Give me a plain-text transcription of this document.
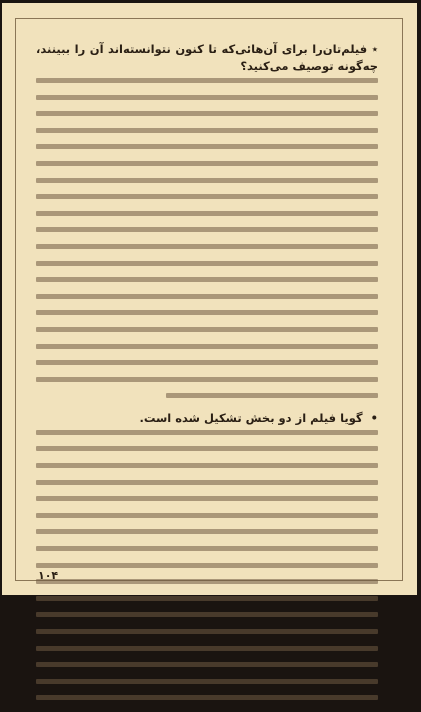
٭ فیلم‌تان‌را برای آن‌هائی‌که تا کنون نتوانسته‌اند آن را ببینند، چه‌گونه توصیف می‌کنید؟

• گویا فیلم از دو بخش تشکیل شده است.

۱۰۴
